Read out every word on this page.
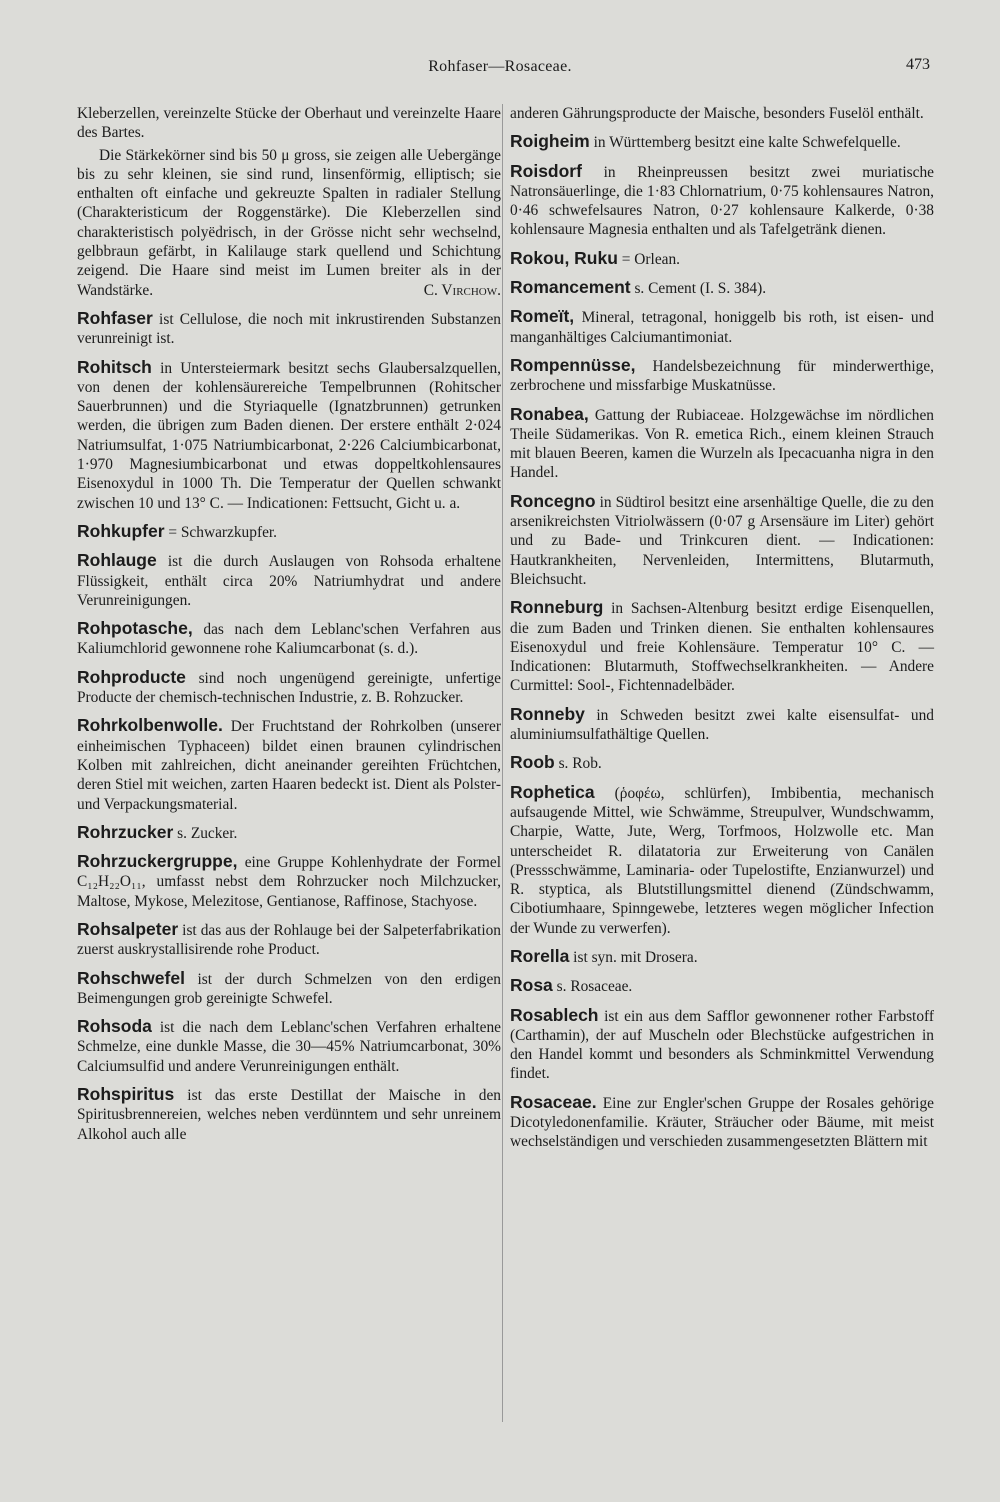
Rohfaser—Rosaceae.	473

Kleberzellen, vereinzelte Stücke der Oberhaut und vereinzelte Haare des Bartes.

Die Stärkekörner sind bis 50 μ gross, sie zeigen alle Uebergänge bis zu sehr kleinen, sie sind rund, linsenförmig, elliptisch; sie enthalten oft einfache und gekreuzte Spalten in radialer Stellung (Charakteristicum der Roggenstärke). Die Kleberzellen sind charakteristisch polyëdrisch, in der Grösse nicht sehr wechselnd, gelbbraun gefärbt, in Kalilauge stark quellend und Schichtung zeigend. Die Haare sind meist im Lumen breiter als in der Wandstärke.	C. Virchow.

Rohfaser ist Cellulose, die noch mit inkrustirenden Substanzen verunreinigt ist.

Rohitsch in Untersteiermark besitzt sechs Glaubersalzquellen, von denen der kohlensäurereiche Tempelbrunnen (Rohitscher Sauerbrunnen) und die Styriaquelle (Ignatzbrunnen) getrunken werden, die übrigen zum Baden dienen. Der erstere enthält 2·024 Natriumsulfat, 1·075 Natriumbicarbonat, 2·226 Calciumbicarbonat, 1·970 Magnesiumbicarbonat und etwas doppeltkohlensaures Eisenoxydul in 1000 Th. Die Temperatur der Quellen schwankt zwischen 10 und 13° C. — Indicationen: Fettsucht, Gicht u. a.

Rohkupfer = Schwarzkupfer.

Rohlauge ist die durch Auslaugen von Rohsoda erhaltene Flüssigkeit, enthält circa 20% Natriumhydrat und andere Verunreinigungen.

Rohpotasche, das nach dem Leblanc'schen Verfahren aus Kaliumchlorid gewonnene rohe Kaliumcarbonat (s. d.).

Rohproducte sind noch ungenügend gereinigte, unfertige Producte der chemisch-technischen Industrie, z. B. Rohzucker.

Rohrkolbenwolle. Der Fruchtstand der Rohrkolben (unserer einheimischen Typhaceen) bildet einen braunen cylindrischen Kolben mit zahlreichen, dicht aneinander gereihten Früchtchen, deren Stiel mit weichen, zarten Haaren bedeckt ist. Dient als Polster- und Verpackungsmaterial.

Rohrzucker s. Zucker.

Rohrzuckergruppe, eine Gruppe Kohlenhydrate der Formel C₁₂H₂₂O₁₁, umfasst nebst dem Rohrzucker noch Milchzucker, Maltose, Mykose, Melezitose, Gentianose, Raffinose, Stachyose.

Rohsalpeter ist das aus der Rohlauge bei der Salpeterfabrikation zuerst auskrystallisirende rohe Product.

Rohschwefel ist der durch Schmelzen von den erdigen Beimengungen grob gereinigte Schwefel.

Rohsoda ist die nach dem Leblanc'schen Verfahren erhaltene Schmelze, eine dunkle Masse, die 30—45% Natriumcarbonat, 30% Calciumsulfid und andere Verunreinigungen enthält.

Rohspiritus ist das erste Destillat der Maische in den Spiritusbrennereien, welches neben verdünntem und sehr unreinem Alkohol auch alle

anderen Gährungsproducte der Maische, besonders Fuselöl enthält.

Roigheim in Württemberg besitzt eine kalte Schwefelquelle.

Roisdorf in Rheinpreussen besitzt zwei muriatische Natronsäuerlinge, die 1·83 Chlornatrium, 0·75 kohlensaures Natron, 0·46 schwefelsaures Natron, 0·27 kohlensaure Kalkerde, 0·38 kohlensaure Magnesia enthalten und als Tafelgetränk dienen.

Rokou, Ruku = Orlean.

Romancement s. Cement (I. S. 384).

Romeït, Mineral, tetragonal, honiggelb bis roth, ist eisen- und manganhältiges Calciumantimoniat.

Rompennüsse, Handelsbezeichnung für minderwerthige, zerbrochene und missfarbige Muskatnüsse.

Ronabea, Gattung der Rubiaceae. Holzgewächse im nördlichen Theile Südamerikas. Von R. emetica Rich., einem kleinen Strauch mit blauen Beeren, kamen die Wurzeln als Ipecacuanha nigra in den Handel.

Roncegno in Südtirol besitzt eine arsenhältige Quelle, die zu den arsenikreichsten Vitriolwässern (0·07 g Arsensäure im Liter) gehört und zu Bade- und Trinkcuren dient. — Indicationen: Hautkrankheiten, Nervenleiden, Intermittens, Blutarmuth, Bleichsucht.

Ronneburg in Sachsen-Altenburg besitzt erdige Eisenquellen, die zum Baden und Trinken dienen. Sie enthalten kohlensaures Eisenoxydul und freie Kohlensäure. Temperatur 10° C. — Indicationen: Blutarmuth, Stoffwechselkrankheiten. — Andere Curmittel: Sool-, Fichtennadelbäder.

Ronneby in Schweden besitzt zwei kalte eisensulfat- und aluminiumsulfathältige Quellen.

Roob s. Rob.

Rophetica (ῥοφέω, schlürfen), Imbibentia, mechanisch aufsaugende Mittel, wie Schwämme, Streupulver, Wundschwamm, Charpie, Watte, Jute, Werg, Torfmoos, Holzwolle etc. Man unterscheidet R. dilatatoria zur Erweiterung von Canälen (Pressschwämme, Laminaria- oder Tupelostifte, Enzianwurzel) und R. styptica, als Blutstillungsmittel dienend (Zündschwamm, Cibotiumhaare, Spinngewebe, letzteres wegen möglicher Infection der Wunde zu verwerfen).

Rorella ist syn. mit Drosera.

Rosa s. Rosaceae.

Rosablech ist ein aus dem Safflor gewonnener rother Farbstoff (Carthamin), der auf Muscheln oder Blechstücke aufgestrichen in den Handel kommt und besonders als Schminkmittel Verwendung findet.

Rosaceae. Eine zur Engler'schen Gruppe der Rosales gehörige Dicotyledonenfamilie. Kräuter, Sträucher oder Bäume, mit meist wechselständigen und verschieden zusammengesetzten Blättern mit
